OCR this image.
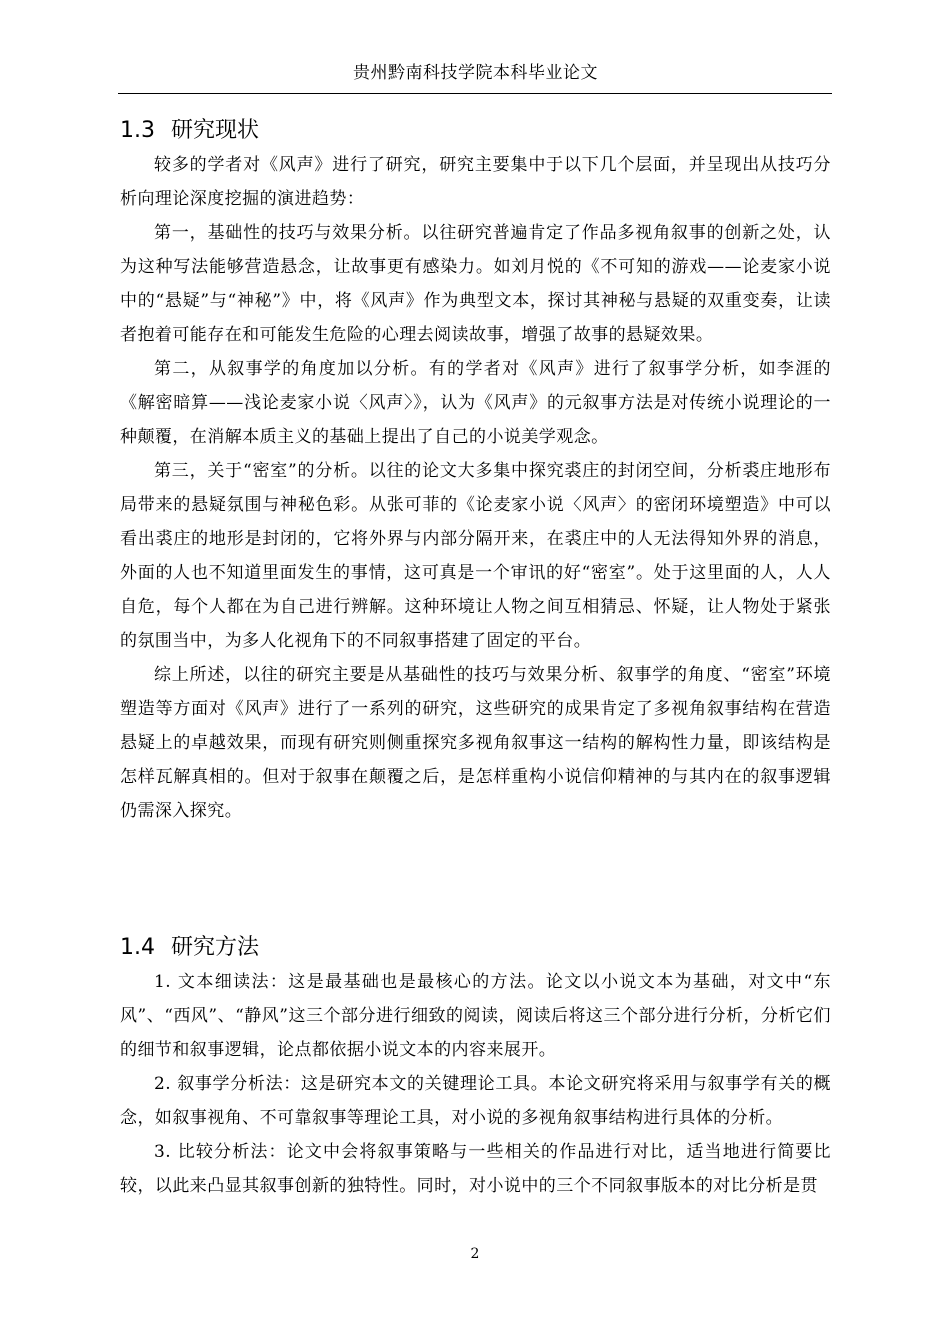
贵州黔南科技学院本科毕业论文
1.3 研究现状

较多的学者对《风声》进行了研究，研究主要集中于以下几个层面，并呈现出从技巧分析向理论深度挖掘的演进趋势：

第一，基础性的技巧与效果分析。以往研究普遍肯定了作品多视角叙事的创新之处，认为这种写法能够营造悬念，让故事更有感染力。如刘月悦的《不可知的游戏——论麦家小说中的“悬疑”与“神秘”》中，将《风声》作为典型文本，探讨其神秘与悬疑的双重变奏，让读者抱着可能存在和可能发生危险的心理去阅读故事，增强了故事的悬疑效果。

第二，从叙事学的角度加以分析。有的学者对《风声》进行了叙事学分析，如李涯的《解密暗算——浅论麦家小说〈风声〉》，认为《风声》的元叙事方法是对传统小说理论的一种颠覆，在消解本质主义的基础上提出了自己的小说美学观念。

第三，关于“密室”的分析。以往的论文大多集中探究裘庄的封闭空间，分析裘庄地形布局带来的悬疑氛围与神秘色彩。从张可菲的《论麦家小说〈风声〉的密闭环境塑造》中可以看出裘庄的地形是封闭的，它将外界与内部分隔开来，在裘庄中的人无法得知外界的消息，外面的人也不知道里面发生的事情，这可真是一个审讯的好“密室”。处于这里面的人，人人自危，每个人都在为自己进行辨解。这种环境让人物之间互相猜忌、怀疑，让人物处于紧张的氛围当中，为多人化视角下的不同叙事搭建了固定的平台。

综上所述，以往的研究主要是从基础性的技巧与效果分析、叙事学的角度、“密室”环境塑造等方面对《风声》进行了一系列的研究，这些研究的成果肯定了多视角叙事结构在营造悬疑上的卓越效果，而现有研究则侧重探究多视角叙事这一结构的解构性力量，即该结构是怎样瓦解真相的。但对于叙事在颠覆之后，是怎样重构小说信仰精神的与其内在的叙事逻辑仍需深入探究。

1.4 研究方法

1. 文本细读法：这是最基础也是最核心的方法。论文以小说文本为基础，对文中“东风”、“西风”、“静风”这三个部分进行细致的阅读，阅读后将这三个部分进行分析，分析它们的细节和叙事逻辑，论点都依据小说文本的内容来展开。

2. 叙事学分析法：这是研究本文的关键理论工具。本论文研究将采用与叙事学有关的概念，如叙事视角、不可靠叙事等理论工具，对小说的多视角叙事结构进行具体的分析。

3. 比较分析法：论文中会将叙事策略与一些相关的作品进行对比，适当地进行简要比较，以此来凸显其叙事创新的独特性。同时，对小说中的三个不同叙事版本的对比分析是贯

2
